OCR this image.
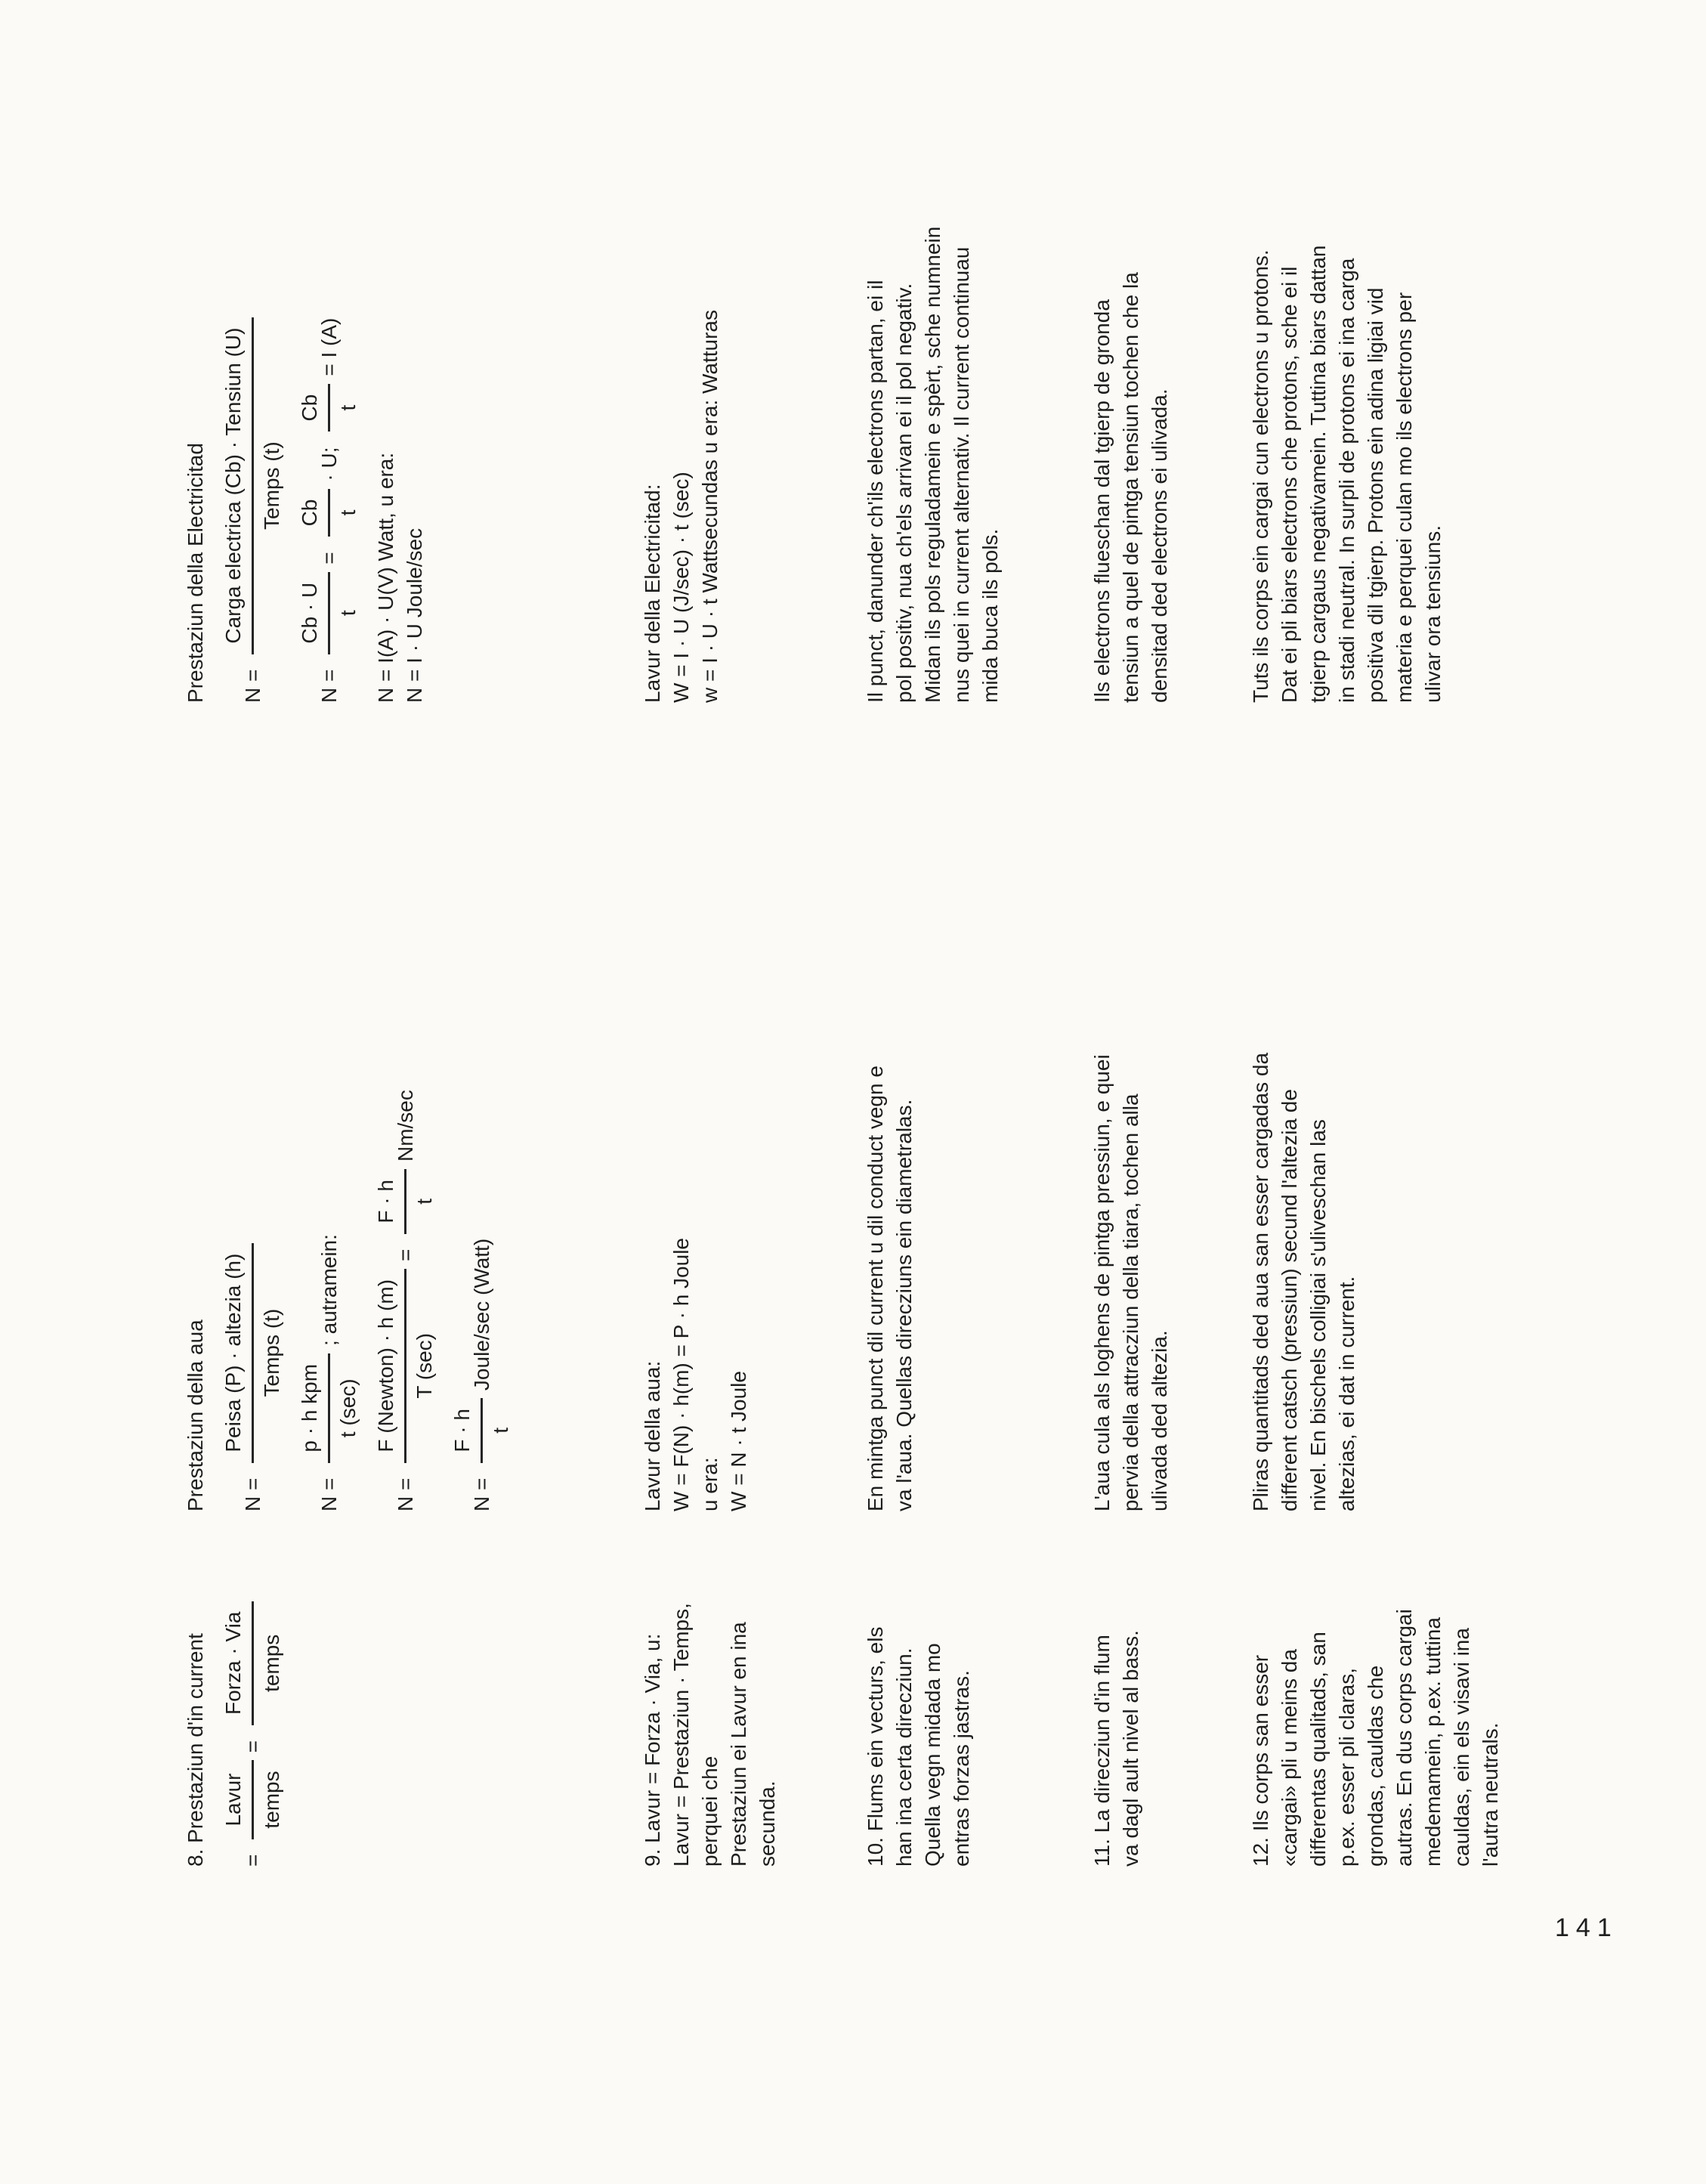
8. Prestaziun d'in current =
Lavur temps
=
Forza · Via temps
Prestaziun della aua N =
Peisa (P) · altezia (h) Temps (t)
N =
p · h kpm t (sec)
; autramein:
N =
F (Newton) · h (m) T (sec)
=
F · h t
Nm/sec
N =
F · h t
Joule/sec (Watt)
Prestaziun della Electricitad N =
Carga electrica (Cb) · Tensiun (U) Temps (t)
N =
Cb · U t
=
Cb t
· U;
Cb t
= I (A)
N = I(A) · U(V) Watt, u era: N = I · U Joule/sec
9. Lavur = Forza · Via, u: Lavur = Prestaziun · Temps, perquei che Prestaziun ei Lavur en ina secunda.
Lavur della aua: W = F(N) · h(m) = P · h Joule u era: W = N · t Joule
Lavur della Electricitad: W = I · U (J/sec) · t (sec) w = I · U · t Wattsecundas u era: Watturas
10. Flums ein vecturs, els han ina certa direcziun. Quella vegn midada mo entras forzas jastras.
En mintga punct dil current u dil conduct vegn e va l'aua. Quellas direcziuns ein diametralas.
Il punct, danunder ch'ils electrons partan, ei il pol positiv, nua ch'els arrivan ei il pol negativ. Midan ils pols reguladamein e spèrt, sche numnein nus quei in current alternativ. Il current continuau mida buca ils pols.
11. La direcziun d'in flum va dagl ault nivel al bass.
L'aua cula als loghens de pintga pressiun, e quei pervia della attracziun della tiara, tochen alla ulivada ded altezia.
Ils electrons flueschan dal tgierp de gronda tensiun a quel de pintga tensiun tochen che la densitad ded electrons ei ulivada.
12. Ils corps san esser «cargai» pli u meins da differentas qualitads, san p.ex. esser pli claras, grondas, cauldas che autras. En dus corps cargai medemamein, p.ex. tuttina cauldas, ein els visavi ina l'autra neutrals.
Pliras quantitads ded aua san esser cargadas da different catsch (pressiun) secund l'altezia de nivel. En bischels colligiai s'uliveschan las altezias, ei dat in current.
Tuts ils corps ein cargai cun electrons u protons. Dat ei pli biars electrons che protons, sche ei il tgierp cargaus negativamein. Tuttina biars dattan in stadi neutral. In surpli de protons ei ina carga positiva dil tgierp. Protons ein adina ligiai vid materia e perquei culan mo ils electrons per ulivar ora tensiuns.
141
